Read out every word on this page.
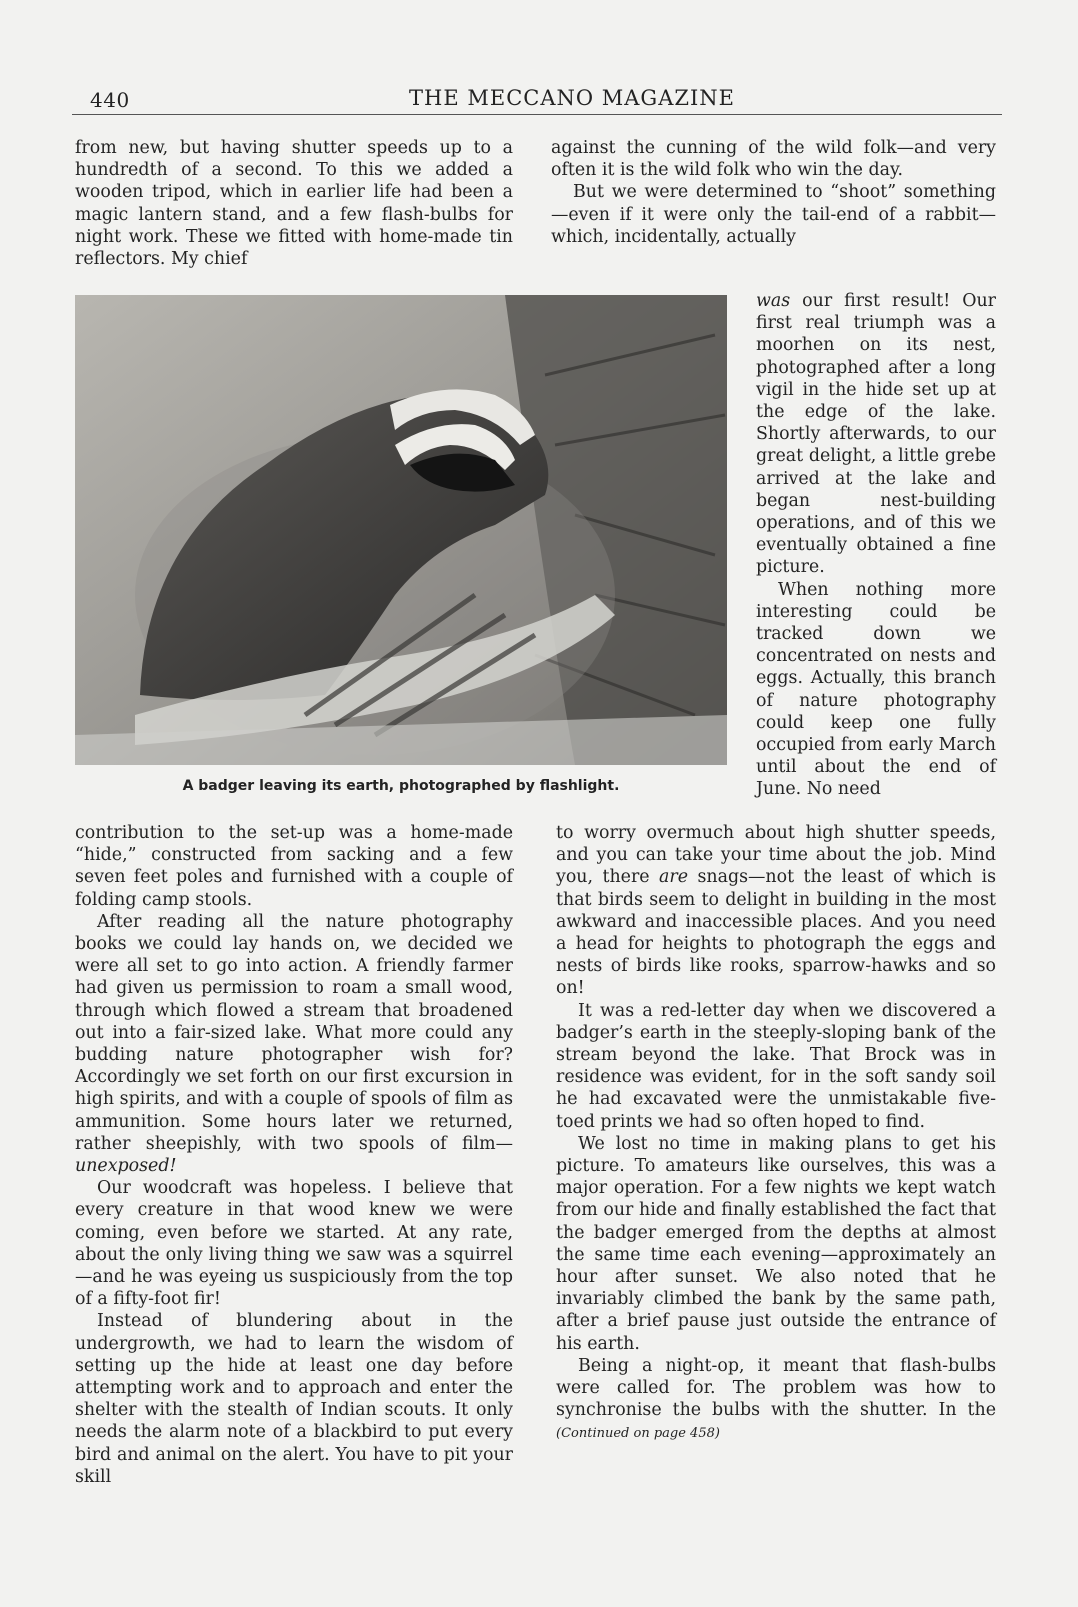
440	THE MECCANO MAGAZINE

from new, but having shutter speeds up to a hundredth of a second. To this we added a wooden tripod, which in earlier life had been a magic lantern stand, and a few flash-bulbs for night work. These we fitted with home-made tin reflectors. My chief

against the cunning of the wild folk—and very often it is the wild folk who win the day.

But we were determined to “shoot” something—even if it were only the tail-end of a rabbit—which, incidentally, actually

A badger leaving its earth, photographed by flashlight.

was our first result! Our first real triumph was a moorhen on its nest, photographed after a long vigil in the hide set up at the edge of the lake. Shortly afterwards, to our great delight, a little grebe arrived at the lake and began nest-building operations, and of this we eventually obtained a fine picture.

When nothing more interesting could be tracked down we concentrated on nests and eggs. Actually, this branch of nature photography could keep one fully occupied from early March until about the end of June. No need

contribution to the set-up was a home-made “hide,” constructed from sacking and a few seven feet poles and furnished with a couple of folding camp stools.

After reading all the nature photography books we could lay hands on, we decided we were all set to go into action. A friendly farmer had given us permission to roam a small wood, through which flowed a stream that broadened out into a fair-sized lake. What more could any budding nature photographer wish for? Accordingly we set forth on our first excursion in high spirits, and with a couple of spools of film as ammunition. Some hours later we returned, rather sheepishly, with two spools of film—unexposed!

Our woodcraft was hopeless. I believe that every creature in that wood knew we were coming, even before we started. At any rate, about the only living thing we saw was a squirrel—and he was eyeing us suspiciously from the top of a fifty-foot fir!

Instead of blundering about in the undergrowth, we had to learn the wisdom of setting up the hide at least one day before attempting work and to approach and enter the shelter with the stealth of Indian scouts. It only needs the alarm note of a blackbird to put every bird and animal on the alert. You have to pit your skill

to worry overmuch about high shutter speeds, and you can take your time about the job. Mind you, there are snags—not the least of which is that birds seem to delight in building in the most awkward and inaccessible places. And you need a head for heights to photograph the eggs and nests of birds like rooks, sparrow-hawks and so on!

It was a red-letter day when we discovered a badger’s earth in the steeply-sloping bank of the stream beyond the lake. That Brock was in residence was evident, for in the soft sandy soil he had excavated were the unmistakable five-toed prints we had so often hoped to find.

We lost no time in making plans to get his picture. To amateurs like ourselves, this was a major operation. For a few nights we kept watch from our hide and finally established the fact that the badger emerged from the depths at almost the same time each evening—approximately an hour after sunset. We also noted that he invariably climbed the bank by the same path, after a brief pause just outside the entrance of his earth.

Being a night-op, it meant that flash-bulbs were called for. The problem was how to synchronise the bulbs with the shutter. In the (Continued on page 458)
